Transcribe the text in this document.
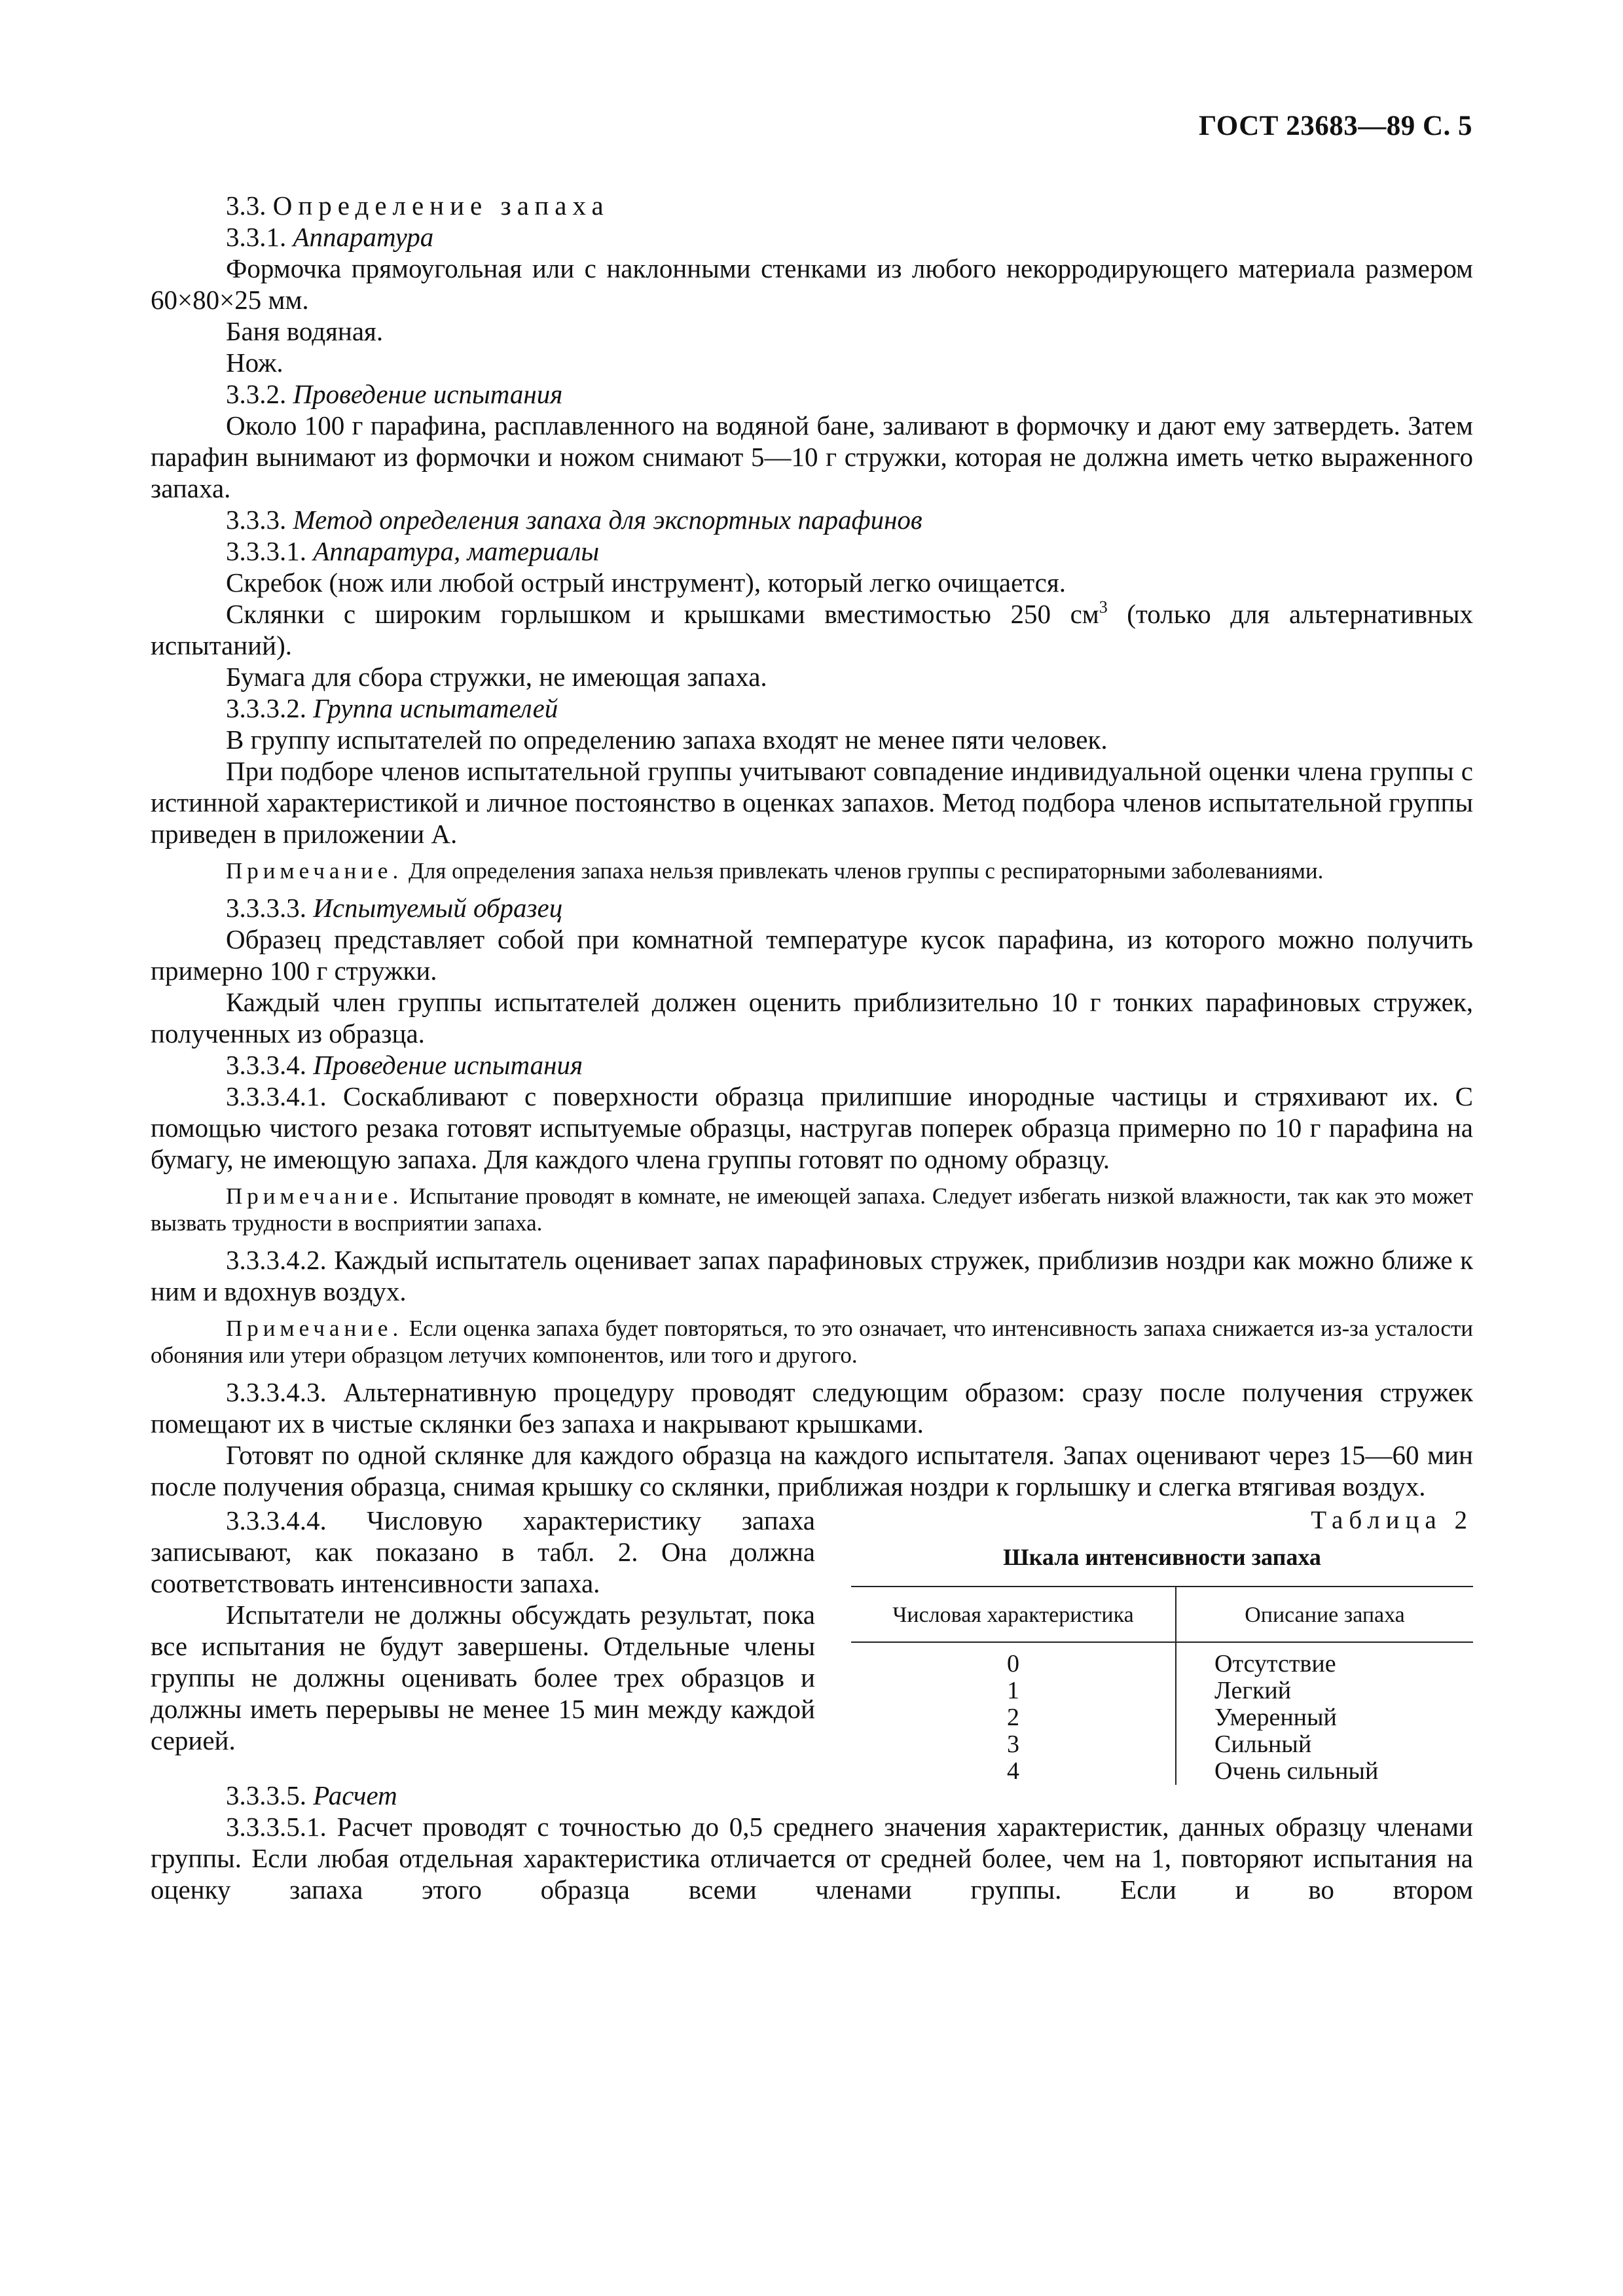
ГОСТ 23683—89 С. 5

3.3. Определение запаха

3.3.1. Аппаратура

Формочка прямоугольная или с наклонными стенками из любого некорродирующего материала размером 60×80×25 мм.

Баня водяная.

Нож.

3.3.2. Проведение испытания

Около 100 г парафина, расплавленного на водяной бане, заливают в формочку и дают ему затвердеть. Затем парафин вынимают из формочки и ножом снимают 5—10 г стружки, которая не должна иметь четко выраженного запаха.

3.3.3. Метод определения запаха для экспортных парафинов

3.3.3.1. Аппаратура, материалы

Скребок (нож или любой острый инструмент), который легко очищается.

Склянки с широким горлышком и крышками вместимостью 250 $см^3$ (только для альтернативных испытаний).

Бумага для сбора стружки, не имеющая запаха.

3.3.3.2. Группа испытателей

В группу испытателей по определению запаха входят не менее пяти человек.

При подборе членов испытательной группы учитывают совпадение индивидуальной оценки члена группы с истинной характеристикой и личное постоянство в оценках запахов. Метод подбора членов испытательной группы приведен в приложении А.

Примечание. Для определения запаха нельзя привлекать членов группы с респираторными заболеваниями.

3.3.3.3. Испытуемый образец

Образец представляет собой при комнатной температуре кусок парафина, из которого можно получить примерно 100 г стружки.

Каждый член группы испытателей должен оценить приблизительно 10 г тонких парафиновых стружек, полученных из образца.

3.3.3.4. Проведение испытания

3.3.3.4.1. Соскабливают с поверхности образца прилипшие инородные частицы и стряхивают их. С помощью чистого резака готовят испытуемые образцы, настругав поперек образца примерно по 10 г парафина на бумагу, не имеющую запаха. Для каждого члена группы готовят по одному образцу.

Примечание. Испытание проводят в комнате, не имеющей запаха. Следует избегать низкой влажности, так как это может вызвать трудности в восприятии запаха.

3.3.3.4.2. Каждый испытатель оценивает запах парафиновых стружек, приблизив ноздри как можно ближе к ним и вдохнув воздух.

Примечание. Если оценка запаха будет повторяться, то это означает, что интенсивность запаха снижается из-за усталости обоняния или утери образцом летучих компонентов, или того и другого.

3.3.3.4.3. Альтернативную процедуру проводят следующим образом: сразу после получения стружек помещают их в чистые склянки без запаха и накрывают крышками.

Готовят по одной склянке для каждого образца на каждого испытателя. Запах оценивают через 15—60 мин после получения образца, снимая крышку со склянки, приближая ноздри к горлышку и слегка втягивая воздух.

3.3.3.4.4. Числовую характеристику запаха записывают, как показано в табл. 2. Она должна соответствовать интенсивности запаха.

Испытатели не должны обсуждать результат, пока все испытания не будут завершены. Отдельные члены группы не должны оценивать более трех образцов и должны иметь перерывы не менее 15 мин между каждой серией.

Таблица 2
Шкала интенсивности запаха
Числовая характеристика	Описание запаха
0	Отсутствие
1	Легкий
2	Умеренный
3	Сильный
4	Очень сильный

3.3.3.5. Расчет

3.3.3.5.1. Расчет проводят с точностью до 0,5 среднего значения характеристик, данных образцу членами группы. Если любая отдельная характеристика отличается от средней более, чем на 1, повторяют испытания на оценку запаха этого образца всеми членами группы. Если и во втором
